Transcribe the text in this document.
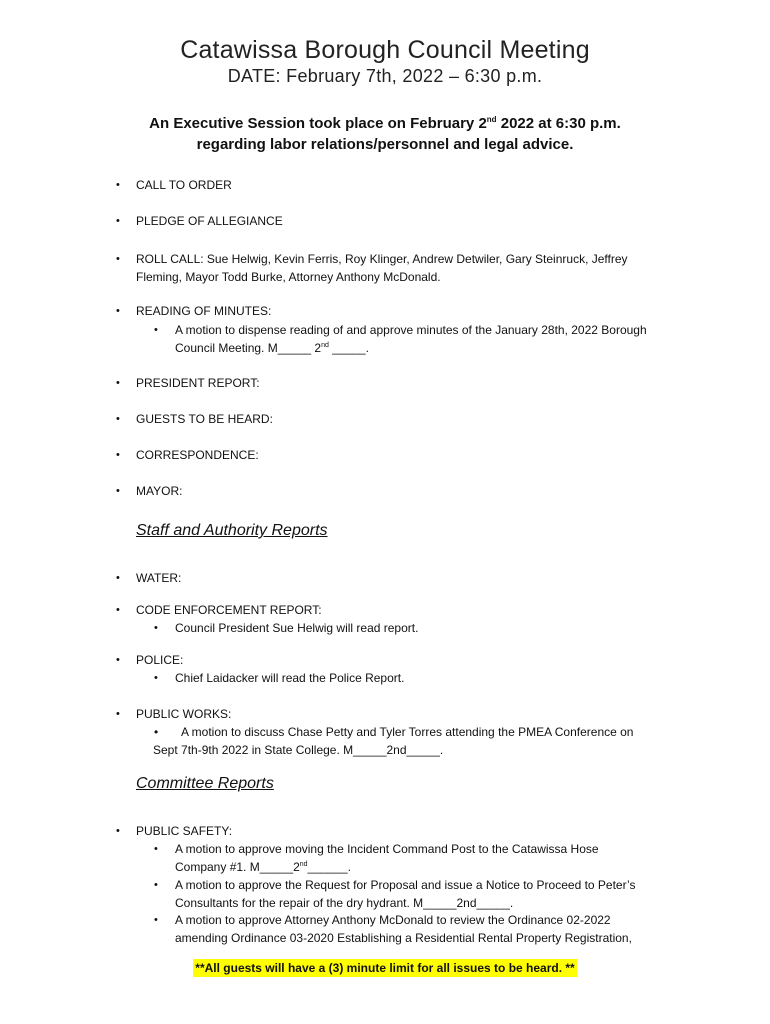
Catawissa Borough Council Meeting
DATE: February 7th, 2022 – 6:30 p.m.
An Executive Session took place on February 2nd 2022 at 6:30 p.m.
regarding labor relations/personnel and legal advice.
• CALL TO ORDER
• PLEDGE OF ALLEGIANCE
• ROLL CALL: Sue Helwig, Kevin Ferris, Roy Klinger, Andrew Detwiler, Gary Steinruck, Jeffrey
Fleming, Mayor Todd Burke, Attorney Anthony McDonald.
• READING OF MINUTES:
• A motion to dispense reading of and approve minutes of the January 28th, 2022 Borough
Council Meeting. M_____ 2nd _____.
• PRESIDENT REPORT:
• GUESTS TO BE HEARD:
• CORRESPONDENCE:
• MAYOR:
Staff and Authority Reports
• WATER:
• CODE ENFORCEMENT REPORT:
• Council President Sue Helwig will read report.
• POLICE:
• Chief Laidacker will read the Police Report.
• PUBLIC WORKS:
• A motion to discuss Chase Petty and Tyler Torres attending the PMEA Conference on
Sept 7th-9th 2022 in State College. M_____2nd_____.
Committee Reports
• PUBLIC SAFETY:
• A motion to approve moving the Incident Command Post to the Catawissa Hose
Company #1. M_____2nd______.
• A motion to approve the Request for Proposal and issue a Notice to Proceed to Peter’s
Consultants for the repair of the dry hydrant. M_____2nd_____.
• A motion to approve Attorney Anthony McDonald to review the Ordinance 02-2022
amending Ordinance 03-2020 Establishing a Residential Rental Property Registration,
**All guests will have a (3) minute limit for all issues to be heard. **
